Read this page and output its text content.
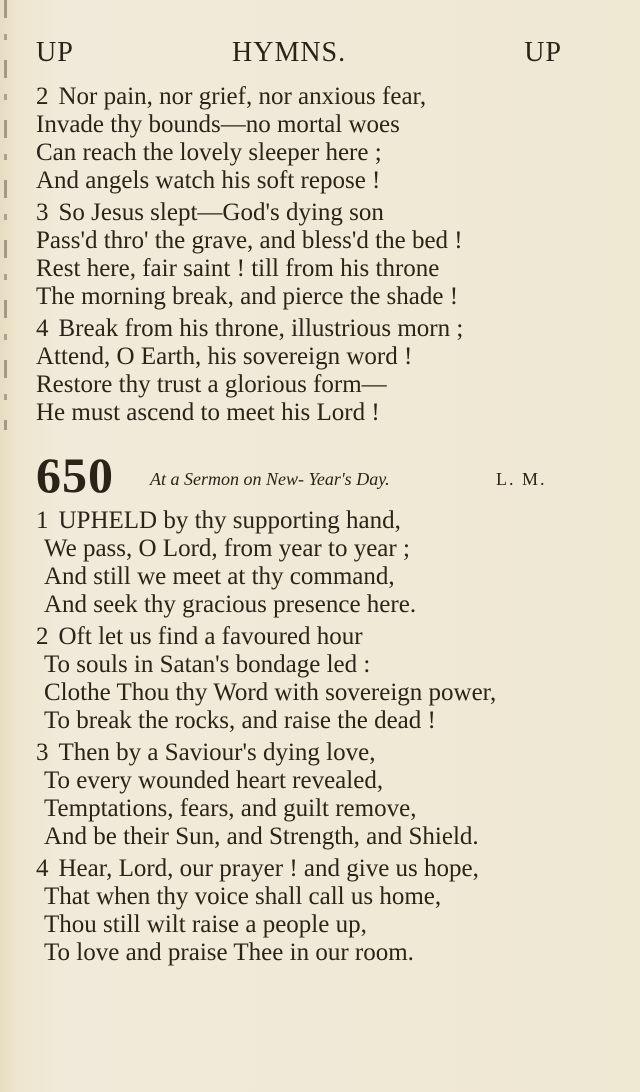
UP	HYMNS.	UP
2 Nor pain, nor grief, nor anxious fear,
Invade thy bounds—no mortal woes
Can reach the lovely sleeper here ;
And angels watch his soft repose !
3 So Jesus slept—God's dying son
Pass'd thro' the grave, and bless'd the bed !
Rest here, fair saint ! till from his throne
The morning break, and pierce the shade !
4 Break from his throne, illustrious morn ;
Attend, O Earth, his sovereign word !
Restore thy trust a glorious form—
He must ascend to meet his Lord !
650 At a Sermon on New- Year's Day.	L. M.
1 UPHELD by thy supporting hand,
We pass, O Lord, from year to year ;
And still we meet at thy command,
And seek thy gracious presence here.
2 Oft let us find a favoured hour
To souls in Satan's bondage led :
Clothe Thou thy Word with sovereign power,
To break the rocks, and raise the dead !
3 Then by a Saviour's dying love,
To every wounded heart revealed,
Temptations, fears, and guilt remove,
And be their Sun, and Strength, and Shield.
4 Hear, Lord, our prayer ! and give us hope,
That when thy voice shall call us home,
Thou still wilt raise a people up,
To love and praise Thee in our room.
